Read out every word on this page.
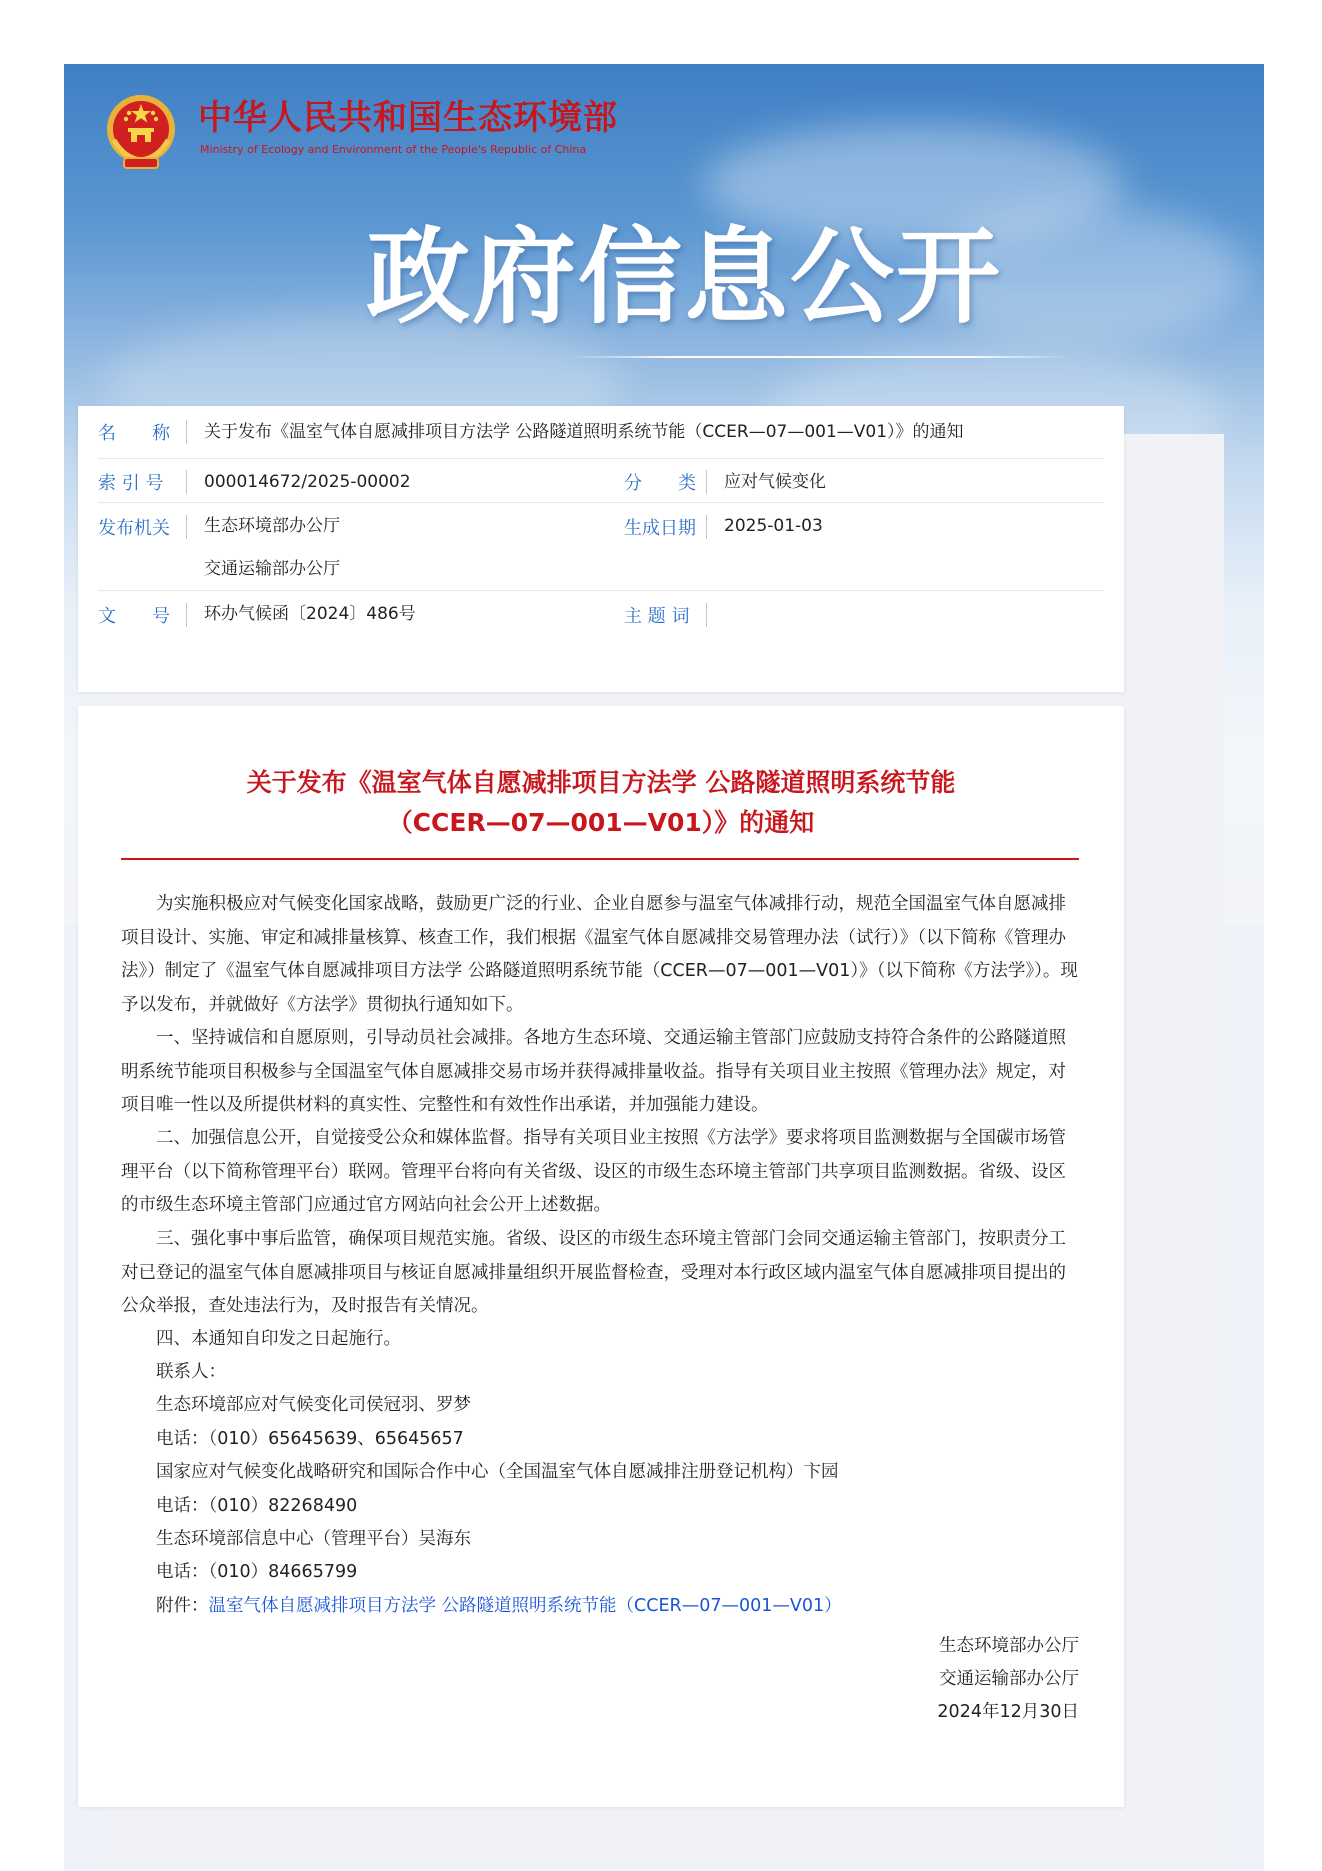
中华人民共和国生态环境部

Ministry of Ecology and Environment of the People's Republic of China

政府信息公开
名　　称 关于发布《温室气体自愿减排项目方法学 公路隧道照明系统节能（CCER—07—001—V01）》的通知
索 引 号 000014672/2025-00002	分　　类 应对气候变化
发布机关 生态环境部办公厅
交通运输部办公厅
生成日期 2025-01-03
文　　号 环办气候函〔2024〕486号	主 题 词
关于发布《温室气体自愿减排项目方法学 公路隧道照明系统节能
（CCER—07—001—V01）》的通知

为实施积极应对气候变化国家战略，鼓励更广泛的行业、企业自愿参与温室气体减排行动，规范全国温室气体自愿减排项目设计、实施、审定和减排量核算、核查工作，我们根据《温室气体自愿减排交易管理办法（试行）》（以下简称《管理办法》）制定了《温室气体自愿减排项目方法学 公路隧道照明系统节能（CCER—07—001—V01）》（以下简称《方法学》）。现予以发布，并就做好《方法学》贯彻执行通知如下。

一、坚持诚信和自愿原则，引导动员社会减排。各地方生态环境、交通运输主管部门应鼓励支持符合条件的公路隧道照明系统节能项目积极参与全国温室气体自愿减排交易市场并获得减排量收益。指导有关项目业主按照《管理办法》规定，对项目唯一性以及所提供材料的真实性、完整性和有效性作出承诺，并加强能力建设。

二、加强信息公开，自觉接受公众和媒体监督。指导有关项目业主按照《方法学》要求将项目监测数据与全国碳市场管理平台（以下简称管理平台）联网。管理平台将向有关省级、设区的市级生态环境主管部门共享项目监测数据。省级、设区的市级生态环境主管部门应通过官方网站向社会公开上述数据。

三、强化事中事后监管，确保项目规范实施。省级、设区的市级生态环境主管部门会同交通运输主管部门，按职责分工对已登记的温室气体自愿减排项目与核证自愿减排量组织开展监督检查，受理对本行政区域内温室气体自愿减排项目提出的公众举报，查处违法行为，及时报告有关情况。

四、本通知自印发之日起施行。

联系人：

生态环境部应对气候变化司侯冠羽、罗梦

电话：（010）65645639、65645657

国家应对气候变化战略研究和国际合作中心（全国温室气体自愿减排注册登记机构）卞园

电话：（010）82268490

生态环境部信息中心（管理平台）吴海东

电话：（010）84665799

附件：温室气体自愿减排项目方法学 公路隧道照明系统节能（CCER—07—001—V01）

生态环境部办公厅

交通运输部办公厅

2024年12月30日
